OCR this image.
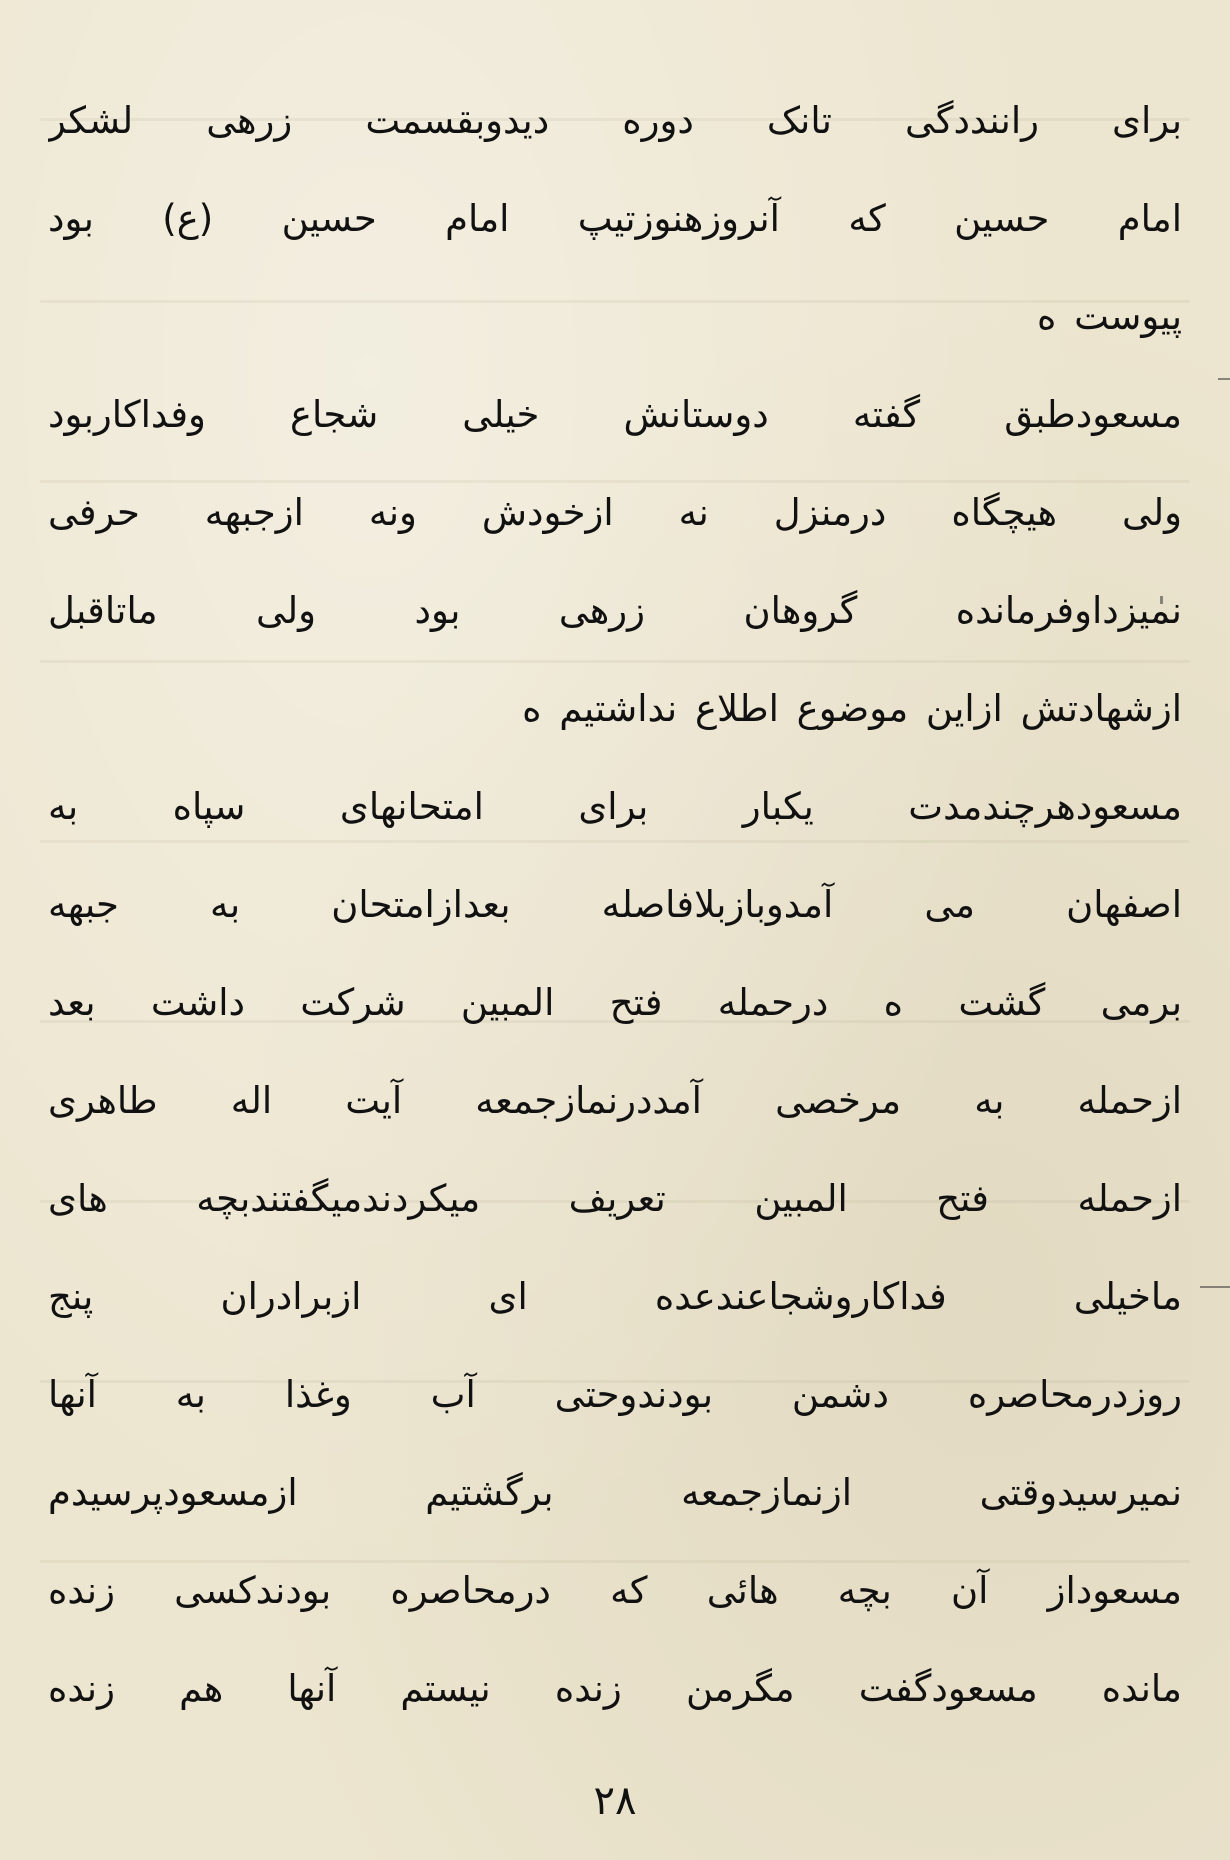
برای راننددگی تانک دوره دیدوبقسمت زرهی لشکر
امام حسین که آنروزهنوزتیپ امام حسین (ع) بود
پیوست ه
مسعودطبق گفته دوستانش خیلی شجاع وفداکاربود
ولی هیچگاه درمنزل نه ازخودش ونه ازجبهه حرفی
نمیزداوفرمانده گروهان زرهی بود ولی ماتاقبل
ازشهادتش ازاین موضوع اطلاع نداشتیم ه
مسعودهرچندمدت یکبار برای امتحانهای سپاه به
اصفهان می آمدوبازبلافاصله بعدازامتحان به جبهه
برمی گشت ه درحمله فتح المبین شرکت داشت بعد
ازحمله به مرخصی آمددرنمازجمعه آیت اله طاهری
ازحمله فتح المبین تعریف میکردندمیگفتندبچه های
ماخیلی فداکاروشجاعندعده ای ازبرادران پنج
روزدرمحاصره دشمن بودندوحتی آب وغذا به آنها
نمیرسیدوقتی ازنمازجمعه برگشتیم ازمسعودپرسیدم
مسعوداز آن بچه هائی که درمحاصره بودندکسی زنده
مانده مسعودگفت مگرمن زنده نیستم آنها هم زنده
۲۸
